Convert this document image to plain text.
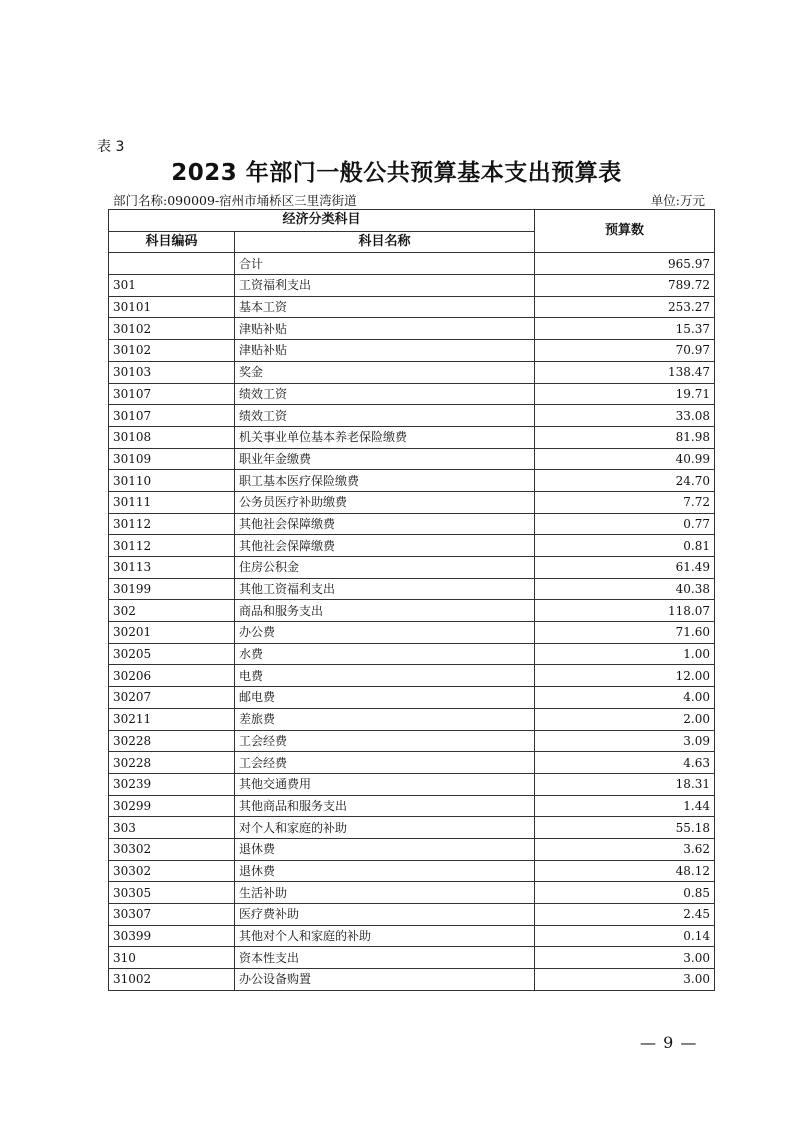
表 3
2023 年部门一般公共预算基本支出预算表
部门名称:090009-宿州市埇桥区三里湾街道	单位:万元
经济分类科目		预算数
科目编码	科目名称	
	合计	965.97
301	工资福利支出	789.72
30101	基本工资	253.27
30102	津贴补贴	15.37
30102	津贴补贴	70.97
30103	奖金	138.47
30107	绩效工资	19.71
30107	绩效工资	33.08
30108	机关事业单位基本养老保险缴费	81.98
30109	职业年金缴费	40.99
30110	职工基本医疗保险缴费	24.70
30111	公务员医疗补助缴费	7.72
30112	其他社会保障缴费	0.77
30112	其他社会保障缴费	0.81
30113	住房公积金	61.49
30199	其他工资福利支出	40.38
302	商品和服务支出	118.07
30201	办公费	71.60
30205	水费	1.00
30206	电费	12.00
30207	邮电费	4.00
30211	差旅费	2.00
30228	工会经费	3.09
30228	工会经费	4.63
30239	其他交通费用	18.31
30299	其他商品和服务支出	1.44
303	对个人和家庭的补助	55.18
30302	退休费	3.62
30302	退休费	48.12
30305	生活补助	0.85
30307	医疗费补助	2.45
30399	其他对个人和家庭的补助	0.14
310	资本性支出	3.00
31002	办公设备购置	3.00
— 9 —
